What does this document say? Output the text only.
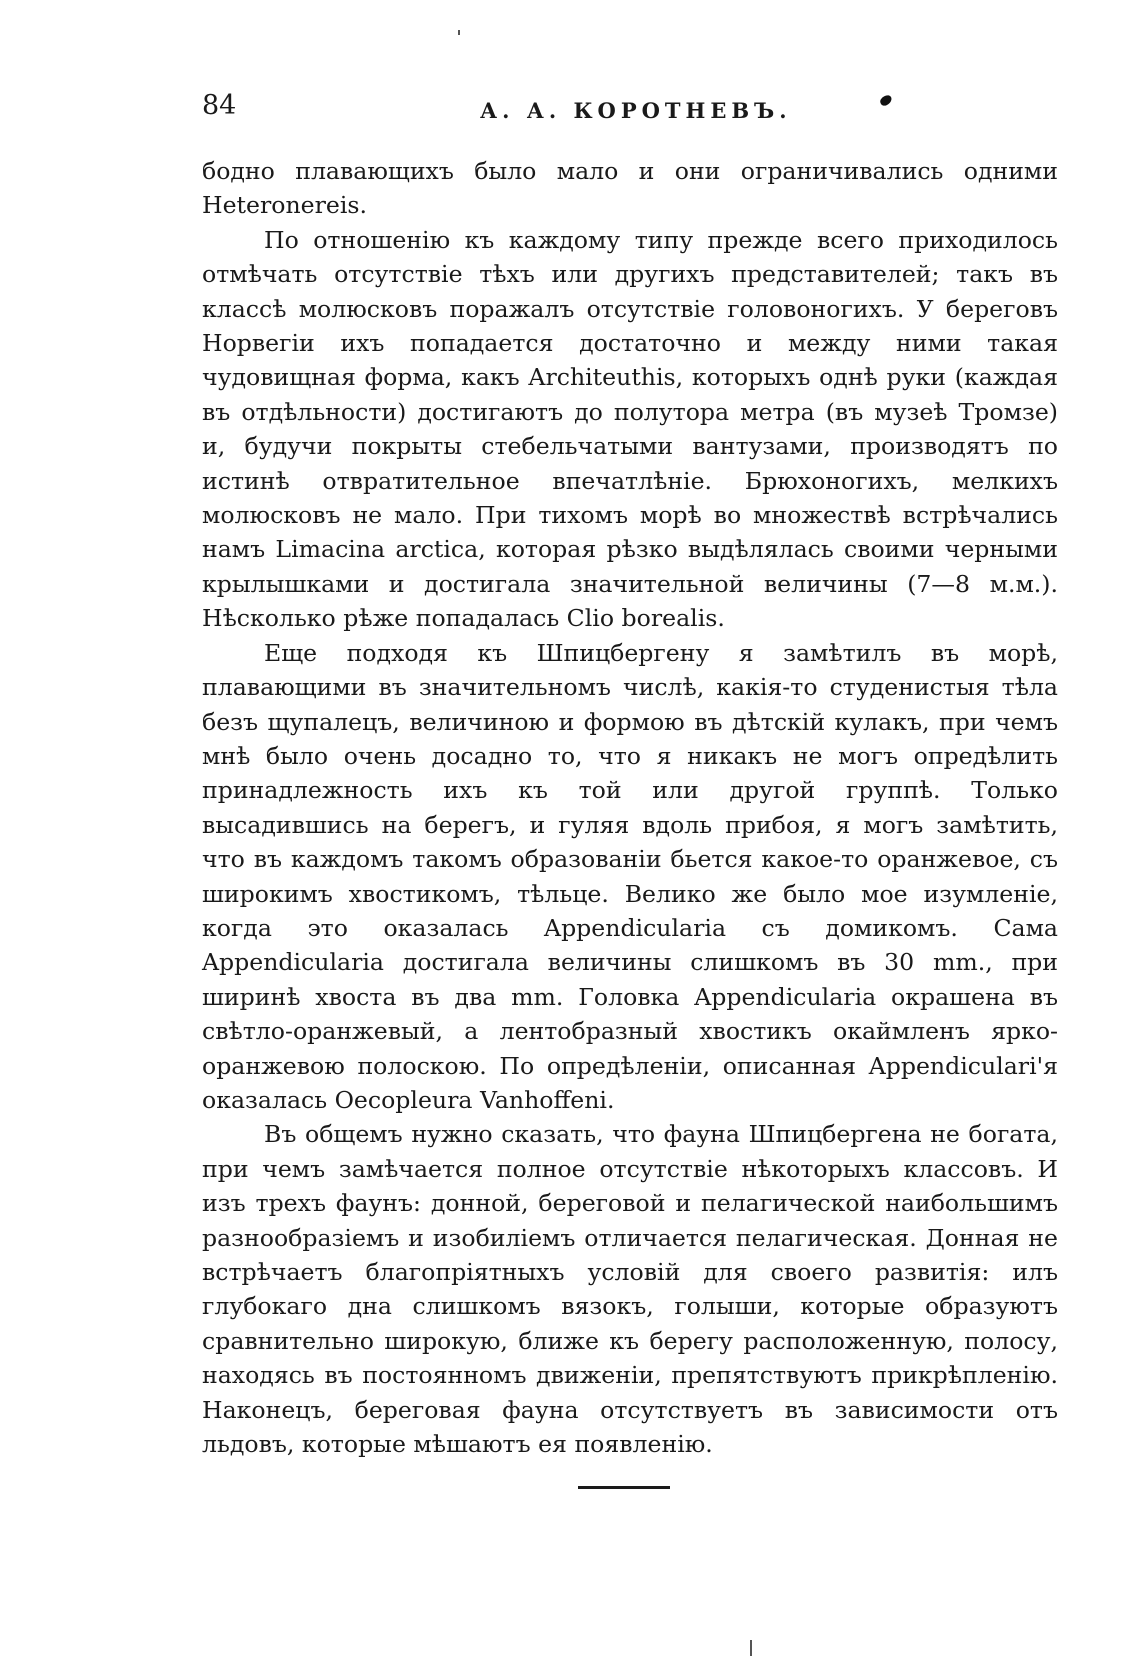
84	А. А. КОРОТНЕВЪ.

бодно плавающихъ было мало и они ограничивались одними Heteronereis.

По отношенію къ каждому типу прежде всего приходилось отмѣчать отсутствіе тѣхъ или другихъ представителей; такъ въ классѣ молюсковъ поражалъ отсутствіе головоногихъ. У береговъ Норвегіи ихъ попадается достаточно и между ними такая чудовищная форма, какъ Architeuthis, которыхъ однѣ руки (каждая въ отдѣльности) достигаютъ до полутора метра (въ музеѣ Тромзе) и, будучи покрыты стебельчатыми вантузами, производятъ по истинѣ отвратительное впечатлѣніе. Брюхоногихъ, мелкихъ молюсковъ не мало. При тихомъ морѣ во множествѣ встрѣчались намъ Limacina arctica, которая рѣзко выдѣлялась своими черными крылышками и достигала значительной величины (7—8 м.м.). Нѣсколько рѣже попадалась Clio borealis.

Еще подходя къ Шпицбергену я замѣтилъ въ морѣ, плавающими въ значительномъ числѣ, какія-то студенистыя тѣла безъ щупалецъ, величиною и формою въ дѣтскій кулакъ, при чемъ мнѣ было очень досадно то, что я никакъ не могъ опредѣлить принадлежность ихъ къ той или другой группѣ. Только высадившись на берегъ, и гуляя вдоль прибоя, я могъ замѣтить, что въ каждомъ такомъ образованіи бьется какое-то оранжевое, съ широкимъ хвостикомъ, тѣльце. Велико же было мое изумленіе, когда это оказалась Appendicularia съ домикомъ. Сама Appendicularia достигала величины слишкомъ въ 30 mm., при ширинѣ хвоста въ два mm. Головка Appendicularia окрашена въ свѣтло-оранжевый, а лентобразный хвостикъ окаймленъ ярко-оранжевою полоскою. По опредѣленіи, описанная Appendiculari'я оказалась Oecopleura Vanhoffeni.

Въ общемъ нужно сказать, что фауна Шпицбергена не богата, при чемъ замѣчается полное отсутствіе нѣкоторыхъ классовъ. И изъ трехъ фаунъ: донной, береговой и пелагической наибольшимъ разнообразіемъ и изобиліемъ отличается пелагическая. Донная не встрѣчаетъ благопріятныхъ условій для своего развитія: илъ глубокаго дна слишкомъ вязокъ, голыши, которые образуютъ сравнительно широкую, ближе къ берегу расположенную, полосу, находясь въ постоянномъ движеніи, препятствуютъ прикрѣпленію. Наконецъ, береговая фауна отсутствуетъ въ зависимости отъ льдовъ, которые мѣшаютъ ея появленію.
